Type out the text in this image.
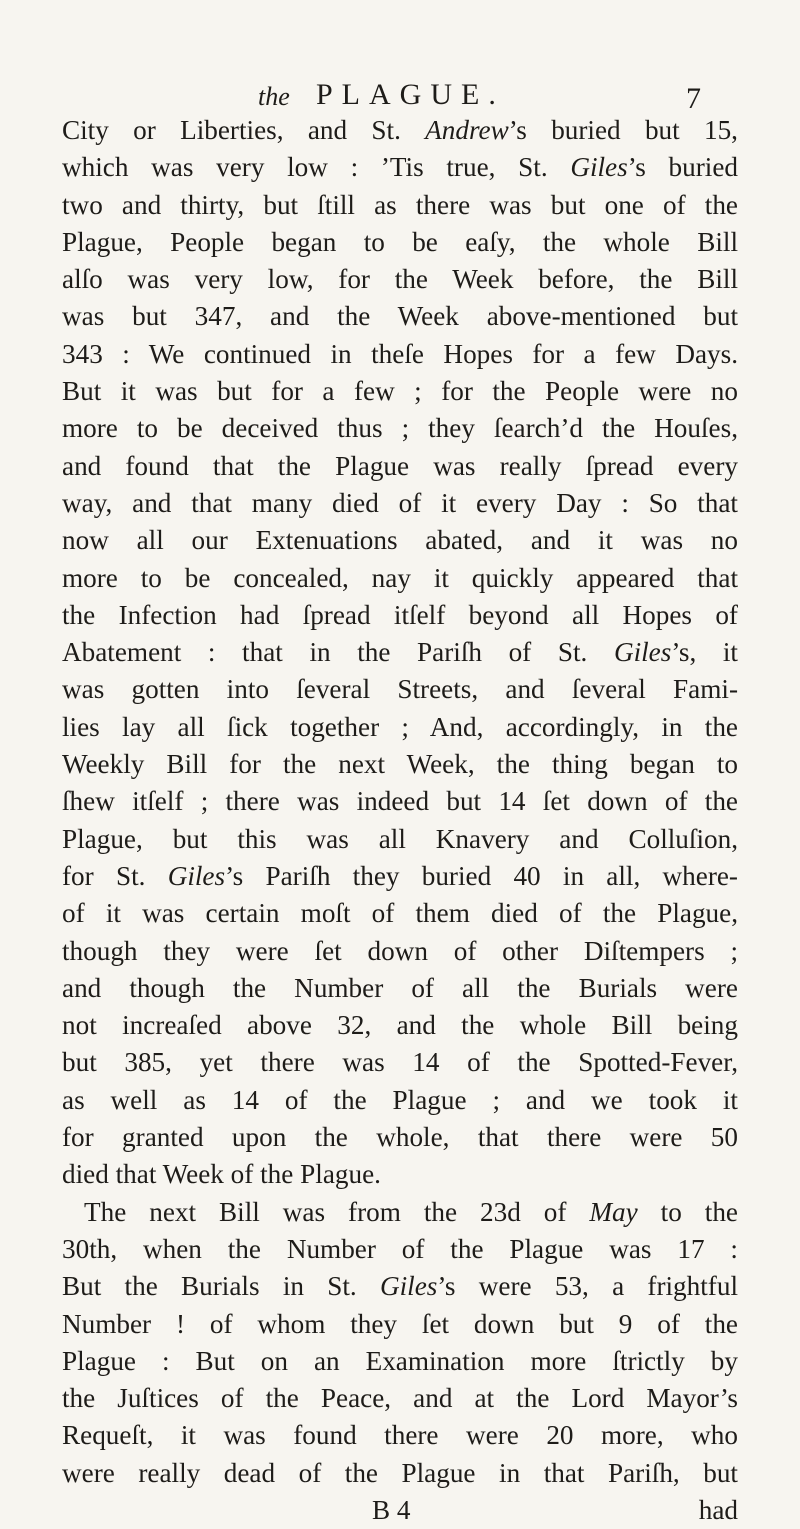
the PLAGUE.	7
City or Liberties, and St. Andrew’s buried but 15,
which was very low : ’Tis true, St. Giles’s buried
two and thirty, but ſtill as there was but one of the
Plague, People began to be eaſy, the whole Bill
alſo was very low, for the Week before, the Bill
was but 347, and the Week above-mentioned but
343 : We continued in theſe Hopes for a few Days.
But it was but for a few ; for the People were no
more to be deceived thus ; they ſearch’d the Houſes,
and found that the Plague was really ſpread every
way, and that many died of it every Day : So that
now all our Extenuations abated, and it was no
more to be concealed, nay it quickly appeared that
the Infection had ſpread itſelf beyond all Hopes of
Abatement : that in the Pariſh of St. Giles’s, it
was gotten into ſeveral Streets, and ſeveral Fami-
lies lay all ſick together ; And, accordingly, in the
Weekly Bill for the next Week, the thing began to
ſhew itſelf ; there was indeed but 14 ſet down of the
Plague, but this was all Knavery and Colluſion,
for St. Giles’s Pariſh they buried 40 in all, where-
of it was certain moſt of them died of the Plague,
though they were ſet down of other Diſtempers ;
and though the Number of all the Burials were
not increaſed above 32, and the whole Bill being
but 385, yet there was 14 of the Spotted-Fever,
as well as 14 of the Plague ; and we took it
for granted upon the whole, that there were 50
died that Week of the Plague.
The next Bill was from the 23d of May to the
30th, when the Number of the Plague was 17 :
But the Burials in St. Giles’s were 53, a frightful
Number ! of whom they ſet down but 9 of the
Plague : But on an Examination more ſtrictly by
the Juſtices of the Peace, and at the Lord Mayor’s
Requeſt, it was found there were 20 more, who
were really dead of the Plague in that Pariſh, but
B 4	had
